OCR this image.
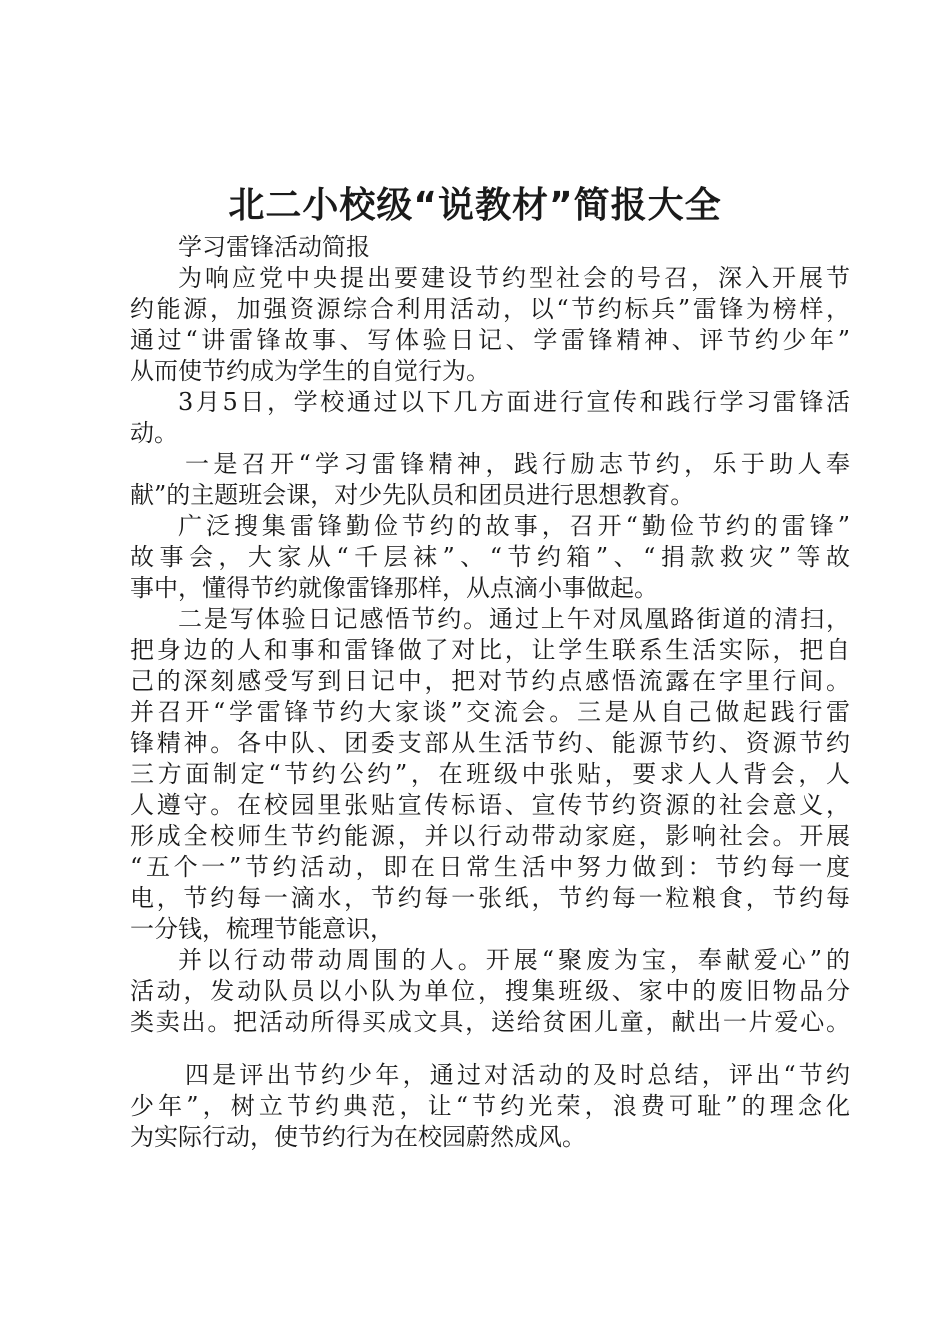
北二小校级“说教材”简报大全
学习雷锋活动简报
为响应党中央提出要建设节约型社会的号召，深入开展节
约能源，加强资源综合利用活动，以“节约标兵”雷锋为榜样，
通过“讲雷锋故事、写体验日记、学雷锋精神、评节约少年”
从而使节约成为学生的自觉行为。
3月5日，学校通过以下几方面进行宣传和践行学习雷锋活
动。
一是召开“学习雷锋精神，践行励志节约，乐于助人奉
献”的主题班会课，对少先队员和团员进行思想教育。
广泛搜集雷锋勤俭节约的故事，召开“勤俭节约的雷锋”
故事会，大家从“千层袜”、“节约箱”、“捐款救灾”等故
事中，懂得节约就像雷锋那样，从点滴小事做起。
二是写体验日记感悟节约。通过上午对凤凰路街道的清扫，
把身边的人和事和雷锋做了对比，让学生联系生活实际，把自
己的深刻感受写到日记中，把对节约点感悟流露在字里行间。
并召开“学雷锋节约大家谈”交流会。三是从自己做起践行雷
锋精神。各中队、团委支部从生活节约、能源节约、资源节约
三方面制定“节约公约”，在班级中张贴，要求人人背会，人
人遵守。在校园里张贴宣传标语、宣传节约资源的社会意义，
形成全校师生节约能源，并以行动带动家庭，影响社会。开展
“五个一”节约活动，即在日常生活中努力做到：节约每一度
电，节约每一滴水，节约每一张纸，节约每一粒粮食，节约每
一分钱，梳理节能意识，
并以行动带动周围的人。开展“聚废为宝，奉献爱心”的
活动，发动队员以小队为单位，搜集班级、家中的废旧物品分
类卖出。把活动所得买成文具，送给贫困儿童，献出一片爱心。
四是评出节约少年，通过对活动的及时总结，评出“节约
少年”，树立节约典范，让“节约光荣，浪费可耻”的理念化
为实际行动，使节约行为在校园蔚然成风。
